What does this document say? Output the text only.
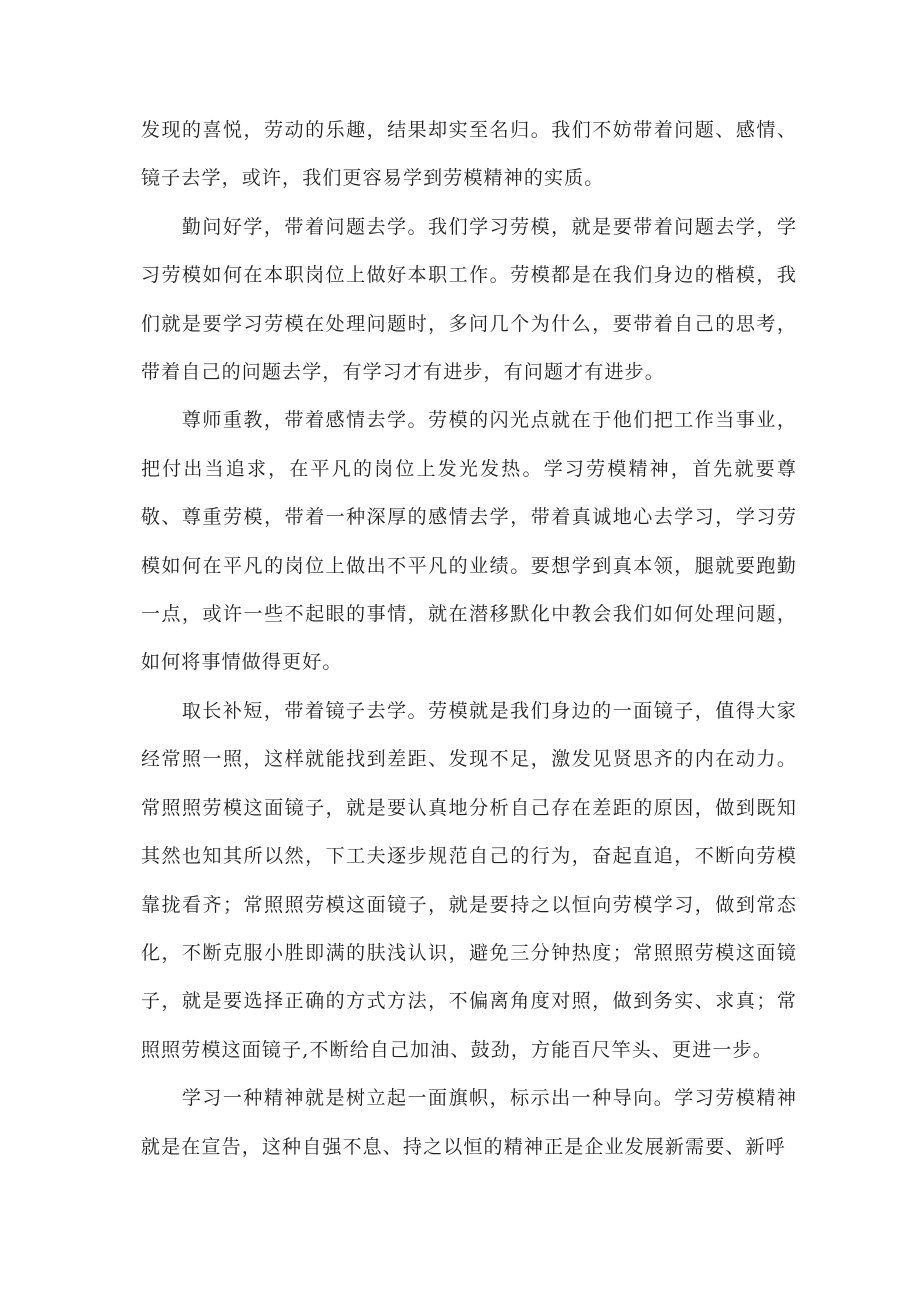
发现的喜悦，劳动的乐趣，结果却实至名归。我们不妨带着问题、感情、镜子去学，或许，我们更容易学到劳模精神的实质。

勤问好学，带着问题去学。我们学习劳模，就是要带着问题去学，学习劳模如何在本职岗位上做好本职工作。劳模都是在我们身边的楷模，我们就是要学习劳模在处理问题时，多问几个为什么，要带着自己的思考，带着自己的问题去学，有学习才有进步，有问题才有进步。

尊师重教，带着感情去学。劳模的闪光点就在于他们把工作当事业，把付出当追求，在平凡的岗位上发光发热。学习劳模精神，首先就要尊敬、尊重劳模，带着一种深厚的感情去学，带着真诚地心去学习，学习劳模如何在平凡的岗位上做出不平凡的业绩。要想学到真本领，腿就要跑勤一点，或许一些不起眼的事情，就在潜移默化中教会我们如何处理问题，如何将事情做得更好。

取长补短，带着镜子去学。劳模就是我们身边的一面镜子，值得大家经常照一照，这样就能找到差距、发现不足，激发见贤思齐的内在动力。常照照劳模这面镜子，就是要认真地分析自己存在差距的原因，做到既知其然也知其所以然，下工夫逐步规范自己的行为，奋起直追，不断向劳模靠拢看齐；常照照劳模这面镜子，就是要持之以恒向劳模学习，做到常态化，不断克服小胜即满的肤浅认识，避免三分钟热度；常照照劳模这面镜子，就是要选择正确的方式方法，不偏离角度对照，做到务实、求真；常照照劳模这面镜子,不断给自己加油、鼓劲，方能百尺竿头、更进一步。

学习一种精神就是树立起一面旗帜，标示出一种导向。学习劳模精神就是在宣告，这种自强不息、持之以恒的精神正是企业发展新需要、新呼
